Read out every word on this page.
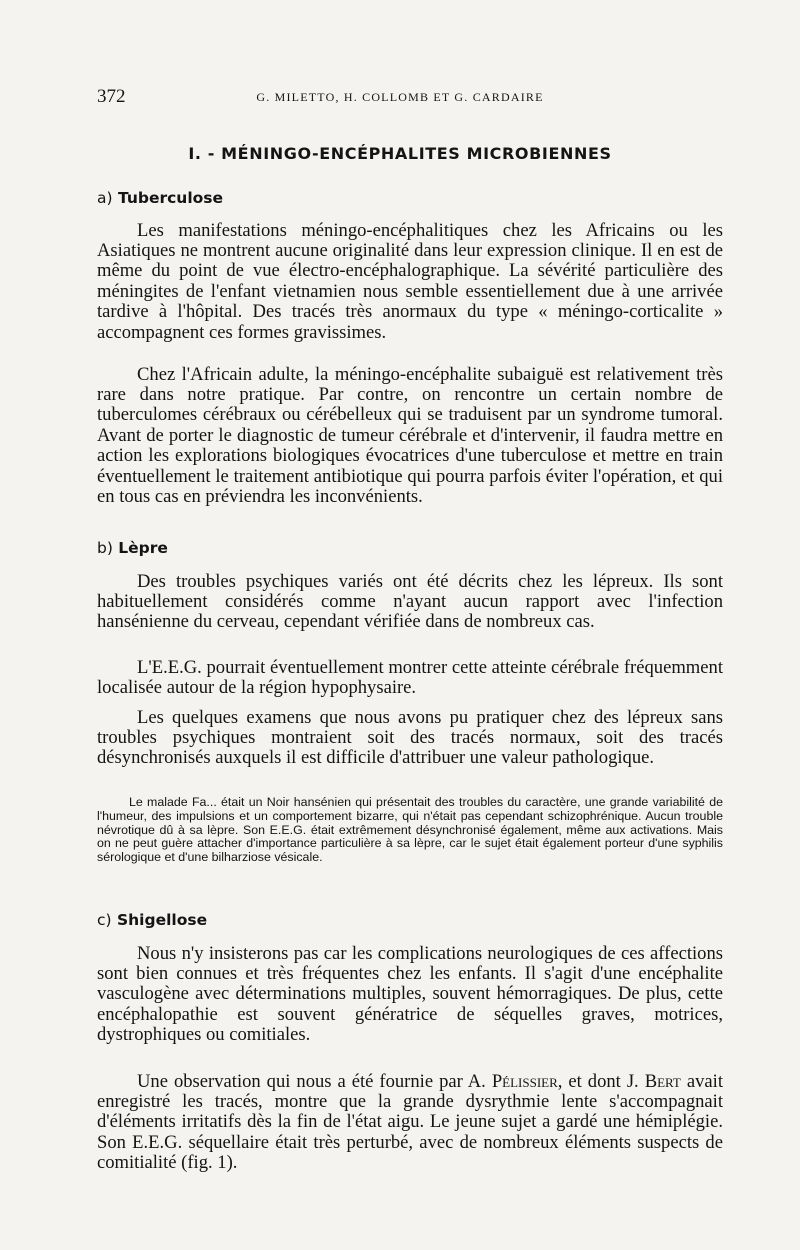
372	G. MILETTO, H. COLLOMB ET G. CARDAIRE
I. - MÉNINGO-ENCÉPHALITES MICROBIENNES
a) Tuberculose

Les manifestations méningo-encéphalitiques chez les Africains ou les Asiatiques ne montrent aucune originalité dans leur expression clinique. Il en est de même du point de vue électro-encéphalographique. La sévérité particulière des méningites de l'enfant vietnamien nous semble essentiellement due à une arrivée tardive à l'hôpital. Des tracés très anormaux du type « méningo-corticalite » accompagnent ces formes gravissimes.

Chez l'Africain adulte, la méningo-encéphalite subaiguë est relativement très rare dans notre pratique. Par contre, on rencontre un certain nombre de tuberculomes cérébraux ou cérébelleux qui se traduisent par un syndrome tumoral. Avant de porter le diagnostic de tumeur cérébrale et d'intervenir, il faudra mettre en action les explorations biologiques évocatrices d'une tuberculose et mettre en train éventuellement le traitement antibiotique qui pourra parfois éviter l'opération, et qui en tous cas en préviendra les inconvénients.

b) Lèpre

Des troubles psychiques variés ont été décrits chez les lépreux. Ils sont habituellement considérés comme n'ayant aucun rapport avec l'infection hansénienne du cerveau, cependant vérifiée dans de nombreux cas.

L'E.E.G. pourrait éventuellement montrer cette atteinte cérébrale fréquemment localisée autour de la région hypophysaire.

Les quelques examens que nous avons pu pratiquer chez des lépreux sans troubles psychiques montraient soit des tracés normaux, soit des tracés désynchronisés auxquels il est difficile d'attribuer une valeur pathologique.

Le malade Fa... était un Noir hansénien qui présentait des troubles du caractère, une grande variabilité de l'humeur, des impulsions et un comportement bizarre, qui n'était pas cependant schizophrénique. Aucun trouble névrotique dû à sa lèpre. Son E.E.G. était extrêmement désynchronisé également, même aux activations. Mais on ne peut guère attacher d'importance particulière à sa lèpre, car le sujet était également porteur d'une syphilis sérologique et d'une bilharziose vésicale.

c) Shigellose

Nous n'y insisterons pas car les complications neurologiques de ces affections sont bien connues et très fréquentes chez les enfants. Il s'agit d'une encéphalite vasculogène avec déterminations multiples, souvent hémorragiques. De plus, cette encéphalopathie est souvent génératrice de séquelles graves, motrices, dystrophiques ou comitiales.

Une observation qui nous a été fournie par A. Pélissier, et dont J. Bert avait enregistré les tracés, montre que la grande dysrythmie lente s'accompagnait d'éléments irritatifs dès la fin de l'état aigu. Le jeune sujet a gardé une hémiplégie. Son E.E.G. séquellaire était très perturbé, avec de nombreux éléments suspects de comitialité (fig. 1).
